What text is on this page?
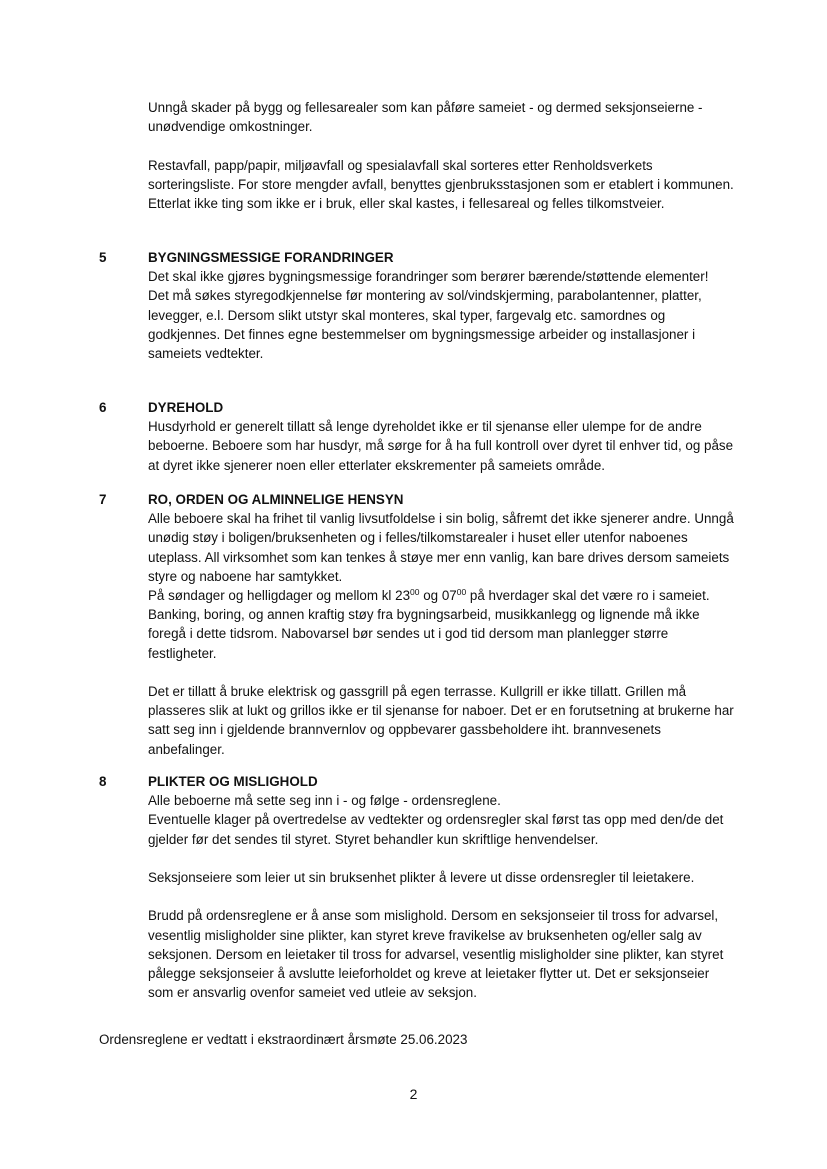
Unngå skader på bygg og fellesarealer som kan påføre sameiet - og dermed seksjonseierne - unødvendige omkostninger.

Restavfall, papp/papir, miljøavfall og spesialavfall skal sorteres etter Renholdsverkets sorteringsliste. For store mengder avfall, benyttes gjenbruksstasjonen som er etablert i kommunen. Etterlat ikke ting som ikke er i bruk, eller skal kastes, i fellesareal og felles tilkomstveier.

5	BYGNINGSMESSIGE FORANDRINGER

Det skal ikke gjøres bygningsmessige forandringer som berører bærende/støttende elementer!

Det må søkes styregodkjennelse før montering av sol/vindskjerming, parabolantenner, platter, levegger, e.l. Dersom slikt utstyr skal monteres, skal typer, fargevalg etc. samordnes og godkjennes. Det finnes egne bestemmelser om bygningsmessige arbeider og installasjoner i sameiets vedtekter.

6	DYREHOLD

Husdyrhold er generelt tillatt så lenge dyreholdet ikke er til sjenanse eller ulempe for de andre beboerne. Beboere som har husdyr, må sørge for å ha full kontroll over dyret til enhver tid, og påse at dyret ikke sjenerer noen eller etterlater ekskrementer på sameiets område.

7	RO, ORDEN OG ALMINNELIGE HENSYN

Alle beboere skal ha frihet til vanlig livsutfoldelse i sin bolig, såfremt det ikke sjenerer andre. Unngå unødig støy i boligen/bruksenheten og i felles/tilkomstarealer i huset eller utenfor naboenes uteplass. All virksomhet som kan tenkes å støye mer enn vanlig, kan bare drives dersom sameiets styre og naboene har samtykket.

På søndager og helligdager og mellom kl $23^{00}$ og $07^{00}$ på hverdager skal det være ro i sameiet. Banking, boring, og annen kraftig støy fra bygningsarbeid, musikkanlegg og lignende må ikke foregå i dette tidsrom. Nabovarsel bør sendes ut i god tid dersom man planlegger større festligheter.

Det er tillatt å bruke elektrisk og gassgrill på egen terrasse. Kullgrill er ikke tillatt. Grillen må plasseres slik at lukt og grillos ikke er til sjenanse for naboer. Det er en forutsetning at brukerne har satt seg inn i gjeldende brannvernlov og oppbevarer gassbeholdere iht. brannvesenets anbefalinger.

8	PLIKTER OG MISLIGHOLD

Alle beboerne må sette seg inn i - og følge - ordensreglene.

Eventuelle klager på overtredelse av vedtekter og ordensregler skal først tas opp med den/de det gjelder før det sendes til styret. Styret behandler kun skriftlige henvendelser.

Seksjonseiere som leier ut sin bruksenhet plikter å levere ut disse ordensregler til leietakere.

Brudd på ordensreglene er å anse som mislighold. Dersom en seksjonseier til tross for advarsel, vesentlig misligholder sine plikter, kan styret kreve fravikelse av bruksenheten og/eller salg av seksjonen. Dersom en leietaker til tross for advarsel, vesentlig misligholder sine plikter, kan styret pålegge seksjonseier å avslutte leieforholdet og kreve at leietaker flytter ut. Det er seksjonseier som er ansvarlig ovenfor sameiet ved utleie av seksjon.

Ordensreglene er vedtatt i ekstraordinært årsmøte 25.06.2023

2
